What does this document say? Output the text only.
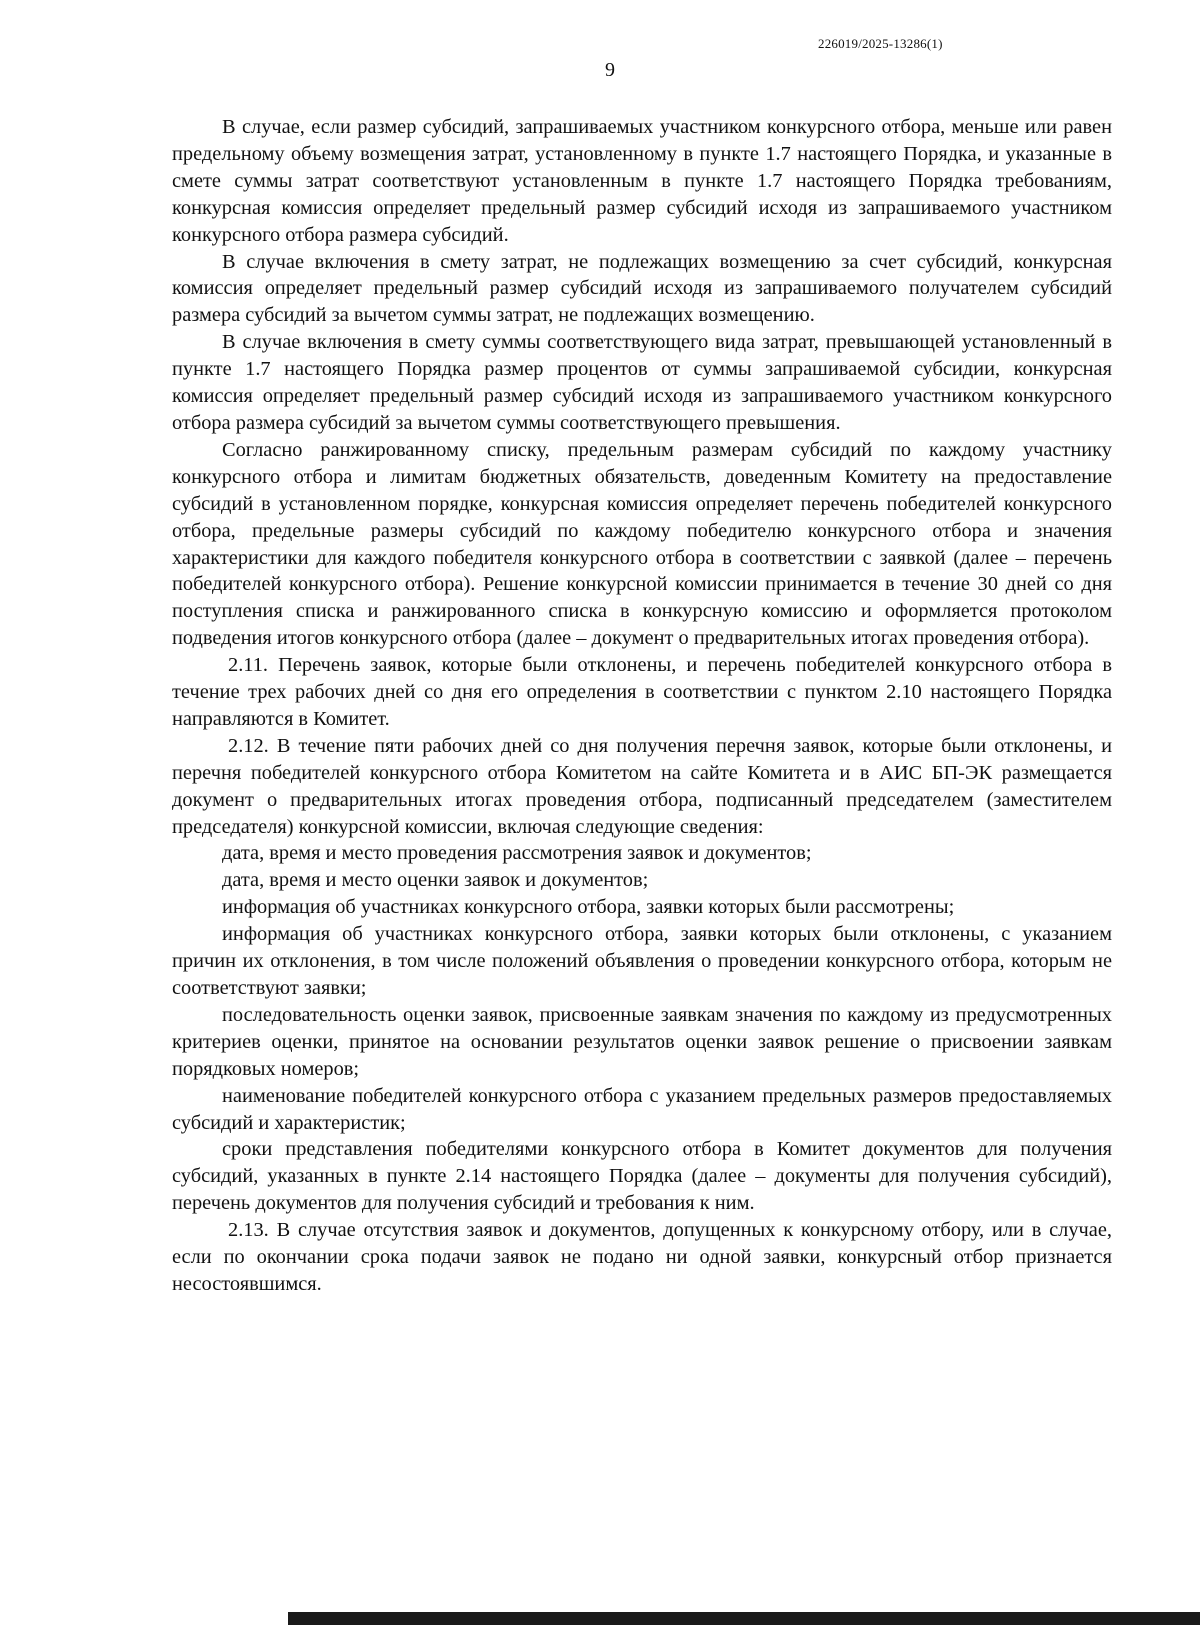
226019/2025-13286(1)
9

В случае, если размер субсидий, запрашиваемых участником конкурсного отбора, меньше или равен предельному объему возмещения затрат, установленному в пункте 1.7 настоящего Порядка, и указанные в смете суммы затрат соответствуют установленным в пункте 1.7 настоящего Порядка требованиям, конкурсная комиссия определяет предельный размер субсидий исходя из запрашиваемого участником конкурсного отбора размера субсидий.

В случае включения в смету затрат, не подлежащих возмещению за счет субсидий, конкурсная комиссия определяет предельный размер субсидий исходя из запрашиваемого получателем субсидий размера субсидий за вычетом суммы затрат, не подлежащих возмещению.

В случае включения в смету суммы соответствующего вида затрат, превышающей установленный в пункте 1.7 настоящего Порядка размер процентов от суммы запрашиваемой субсидии, конкурсная комиссия определяет предельный размер субсидий исходя из запрашиваемого участником конкурсного отбора размера субсидий за вычетом суммы соответствующего превышения.

Согласно ранжированному списку, предельным размерам субсидий по каждому участнику конкурсного отбора и лимитам бюджетных обязательств, доведенным Комитету на предоставление субсидий в установленном порядке, конкурсная комиссия определяет перечень победителей конкурсного отбора, предельные размеры субсидий по каждому победителю конкурсного отбора и значения характеристики для каждого победителя конкурсного отбора в соответствии с заявкой (далее – перечень победителей конкурсного отбора). Решение конкурсной комиссии принимается в течение 30 дней со дня поступления списка и ранжированного списка в конкурсную комиссию и оформляется протоколом подведения итогов конкурсного отбора (далее – документ о предварительных итогах проведения отбора).

2.11. Перечень заявок, которые были отклонены, и перечень победителей конкурсного отбора в течение трех рабочих дней со дня его определения в соответствии с пунктом 2.10 настоящего Порядка направляются в Комитет.

2.12. В течение пяти рабочих дней со дня получения перечня заявок, которые были отклонены, и перечня победителей конкурсного отбора Комитетом на сайте Комитета и в АИС БП-ЭК размещается документ о предварительных итогах проведения отбора, подписанный председателем (заместителем председателя) конкурсной комиссии, включая следующие сведения:

дата, время и место проведения рассмотрения заявок и документов;

дата, время и место оценки заявок и документов;

информация об участниках конкурсного отбора, заявки которых были рассмотрены;

информация об участниках конкурсного отбора, заявки которых были отклонены, с указанием причин их отклонения, в том числе положений объявления о проведении конкурсного отбора, которым не соответствуют заявки;

последовательность оценки заявок, присвоенные заявкам значения по каждому из предусмотренных критериев оценки, принятое на основании результатов оценки заявок решение о присвоении заявкам порядковых номеров;

наименование победителей конкурсного отбора с указанием предельных размеров предоставляемых субсидий и характеристик;

сроки представления победителями конкурсного отбора в Комитет документов для получения субсидий, указанных в пункте 2.14 настоящего Порядка (далее – документы для получения субсидий), перечень документов для получения субсидий и требования к ним.

2.13. В случае отсутствия заявок и документов, допущенных к конкурсному отбору, или в случае, если по окончании срока подачи заявок не подано ни одной заявки, конкурсный отбор признается несостоявшимся.
